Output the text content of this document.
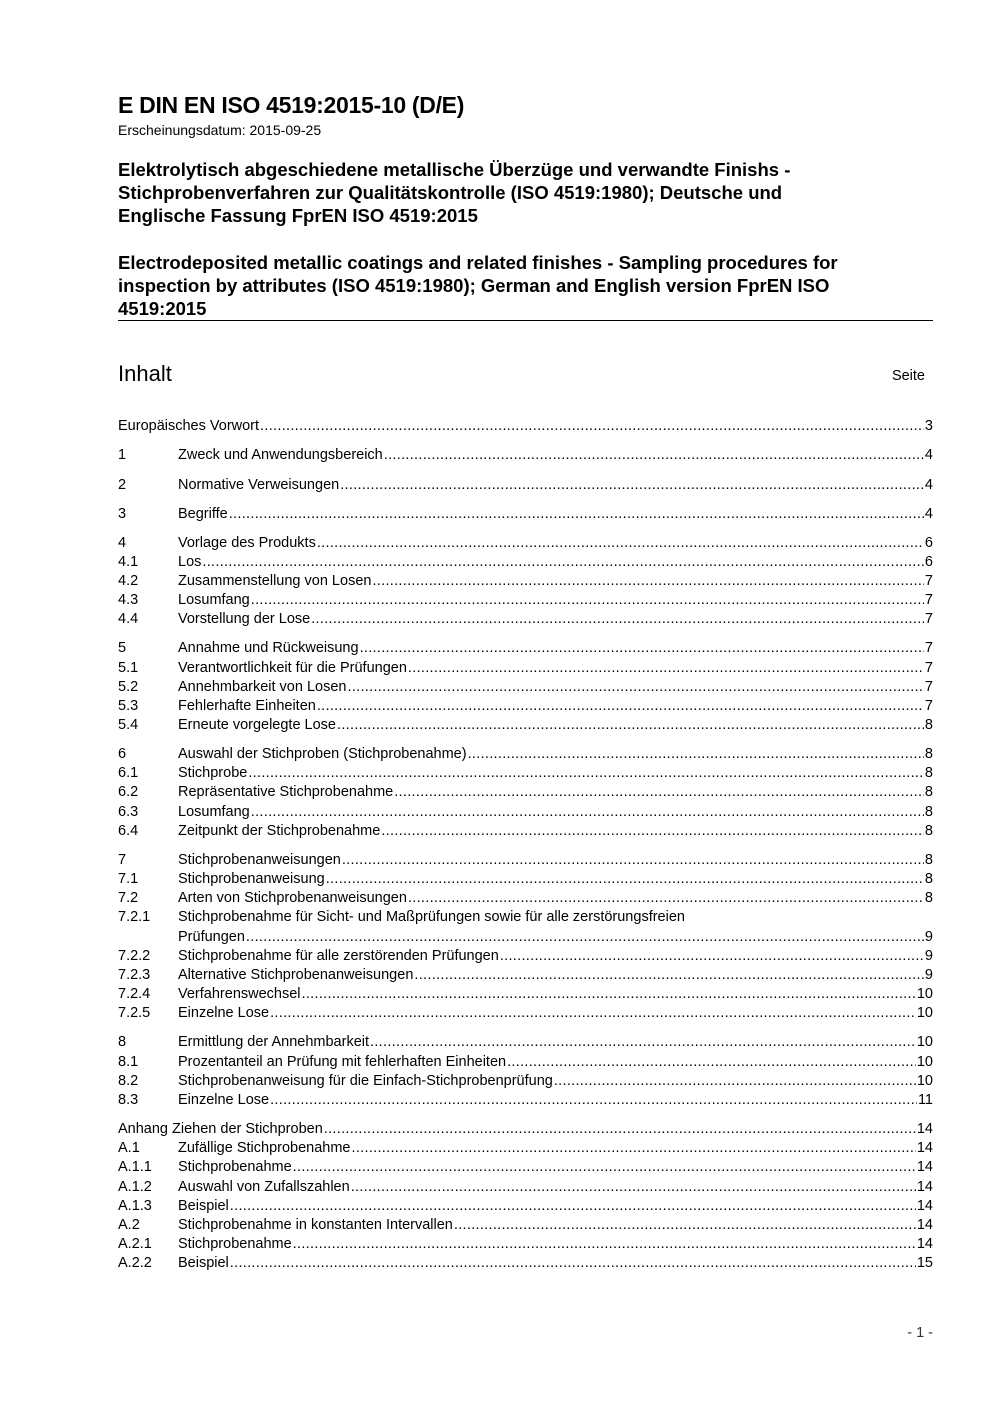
E DIN EN ISO 4519:2015-10 (D/E)
Erscheinungsdatum: 2015-09-25
Elektrolytisch abgeschiedene metallische Überzüge und verwandte Finishs -
Stichprobenverfahren zur Qualitätskontrolle (ISO 4519:1980); Deutsche und
Englische Fassung FprEN ISO 4519:2015
Electrodeposited metallic coatings and related finishes - Sampling procedures for
inspection by attributes (ISO 4519:1980); German and English version FprEN ISO
4519:2015
Inhalt	Seite
Europäisches Vorwort .....	3
1	Zweck und Anwendungsbereich .....	4
2	Normative Verweisungen .....	4
3	Begriffe .....	4
4	Vorlage des Produkts .....	6
4.1	Los .....	6
4.2	Zusammenstellung von Losen .....	7
4.3	Losumfang .....	7
4.4	Vorstellung der Lose .....	7
5	Annahme und Rückweisung .....	7
5.1	Verantwortlichkeit für die Prüfungen .....	7
5.2	Annehmbarkeit von Losen .....	7
5.3	Fehlerhafte Einheiten .....	7
5.4	Erneute vorgelegte Lose .....	8
6	Auswahl der Stichproben (Stichprobenahme) .....	8
6.1	Stichprobe .....	8
6.2	Repräsentative Stichprobenahme .....	8
6.3	Losumfang .....	8
6.4	Zeitpunkt der Stichprobenahme .....	8
7	Stichprobenanweisungen .....	8
7.1	Stichprobenanweisung .....	8
7.2	Arten von Stichprobenanweisungen .....	8
7.2.1 Stichprobenahme für Sicht- und Maßprüfungen sowie für alle zerstörungsfreien
Prüfungen .....	9
7.2.2 Stichprobenahme für alle zerstörenden Prüfungen .....	9
7.2.3 Alternative Stichprobenanweisungen .....	9
7.2.4 Verfahrenswechsel .....	10
7.2.5 Einzelne Lose .....	10
8	Ermittlung der Annehmbarkeit .....	10
8.1	Prozentanteil an Prüfung mit fehlerhaften Einheiten .....	10
8.2	Stichprobenanweisung für die Einfach-Stichprobenprüfung .....	10
8.3	Einzelne Lose .....	11
Anhang Ziehen der Stichproben .....	14
A.1	Zufällige Stichprobenahme .....	14
A.1.1 Stichprobenahme .....	14
A.1.2 Auswahl von Zufallszahlen .....	14
A.1.3 Beispiel .....	14
A.2	Stichprobenahme in konstanten Intervallen .....	14
A.2.1 Stichprobenahme .....	14
A.2.2 Beispiel .....	15
- 1 -
